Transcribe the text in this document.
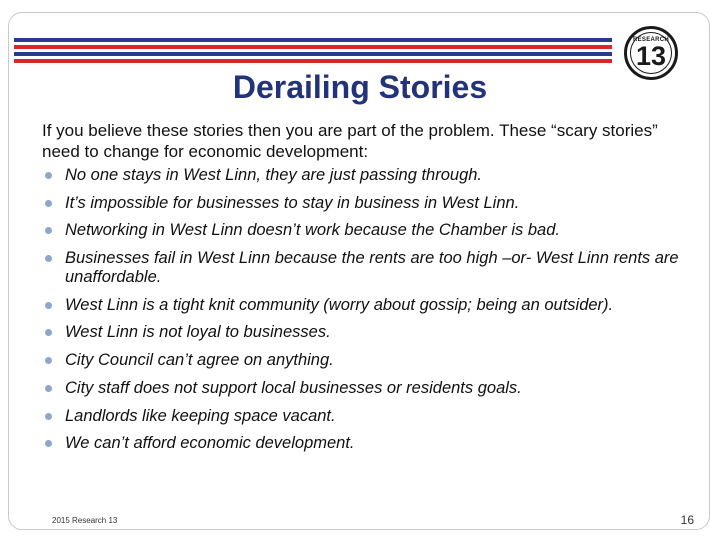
RESEARCH
13
Derailing Stories
If you believe these stories then you are part of the problem. These “scary stories” need to change for economic development:
No one stays in West Linn, they are just passing through.
It’s impossible for businesses to stay in business in West Linn.
Networking in West Linn doesn’t work because the Chamber is bad.
Businesses fail in West Linn because the rents are too high –or- West Linn rents are unaffordable.
West Linn is a tight knit community (worry about gossip; being an outsider).
West Linn is not loyal to businesses.
City Council can’t agree on anything.
City staff does not support local businesses or residents goals.
Landlords like keeping space vacant.
We can’t afford economic development.
2015 Research 13	16
